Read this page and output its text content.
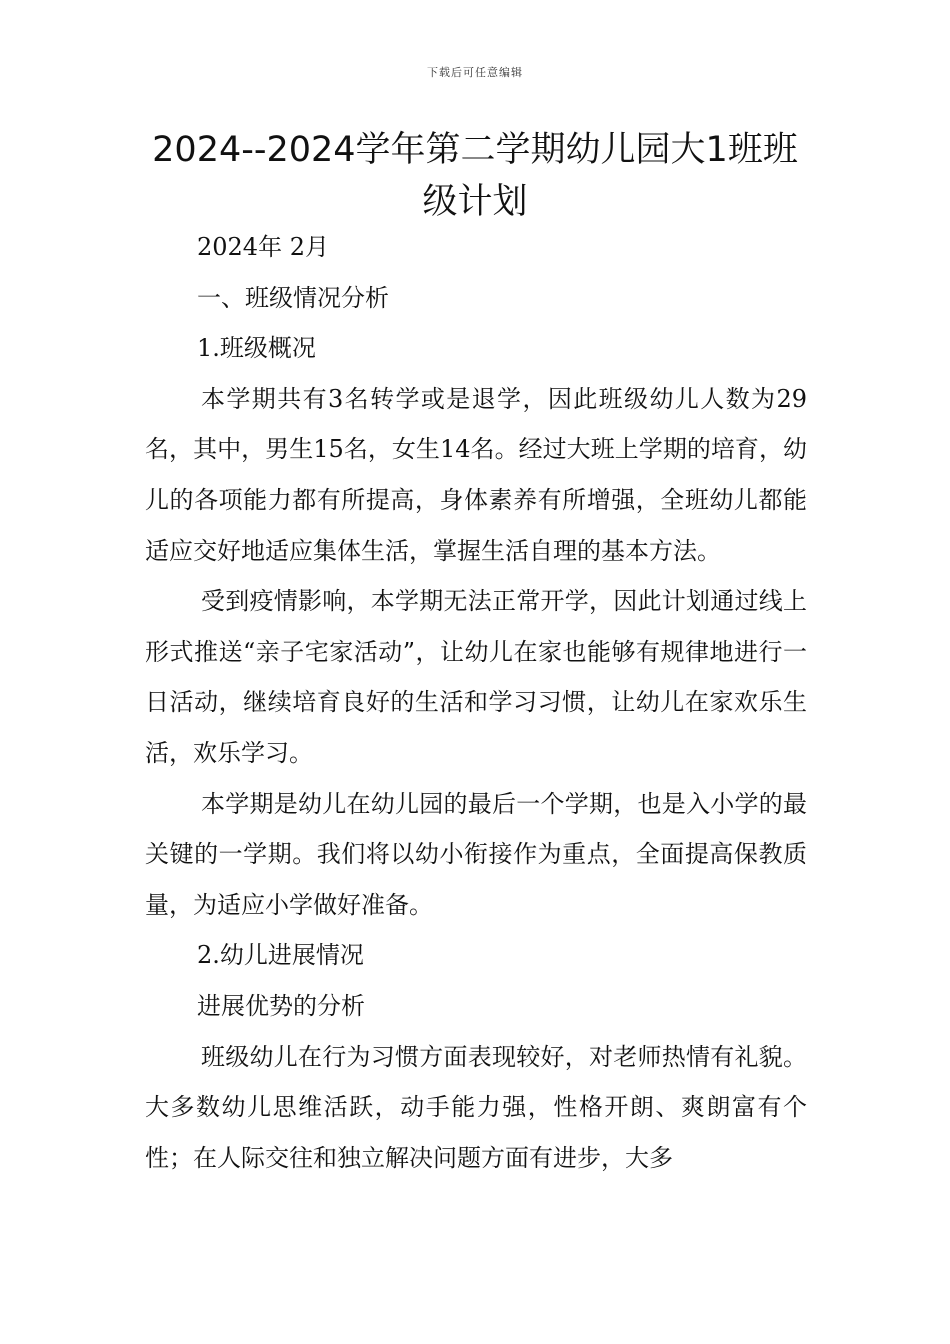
下载后可任意编辑
2024--2024学年第二学期幼儿园大1班班级计划

2024年 2月

一、班级情况分析

1.班级概况

本学期共有3名转学或是退学，因此班级幼儿人数为29名，其中，男生15名，女生14名。经过大班上学期的培育，幼儿的各项能力都有所提高，身体素养有所增强，全班幼儿都能适应交好地适应集体生活，掌握生活自理的基本方法。

受到疫情影响，本学期无法正常开学，因此计划通过线上形式推送“亲子宅家活动”，让幼儿在家也能够有规律地进行一日活动，继续培育良好的生活和学习习惯，让幼儿在家欢乐生活，欢乐学习。

本学期是幼儿在幼儿园的最后一个学期，也是入小学的最关键的一学期。我们将以幼小衔接作为重点，全面提高保教质量，为适应小学做好准备。

2.幼儿进展情况

进展优势的分析

班级幼儿在行为习惯方面表现较好，对老师热情有礼貌。大多数幼儿思维活跃，动手能力强，性格开朗、爽朗富有个性；在人际交往和独立解决问题方面有进步，大多
